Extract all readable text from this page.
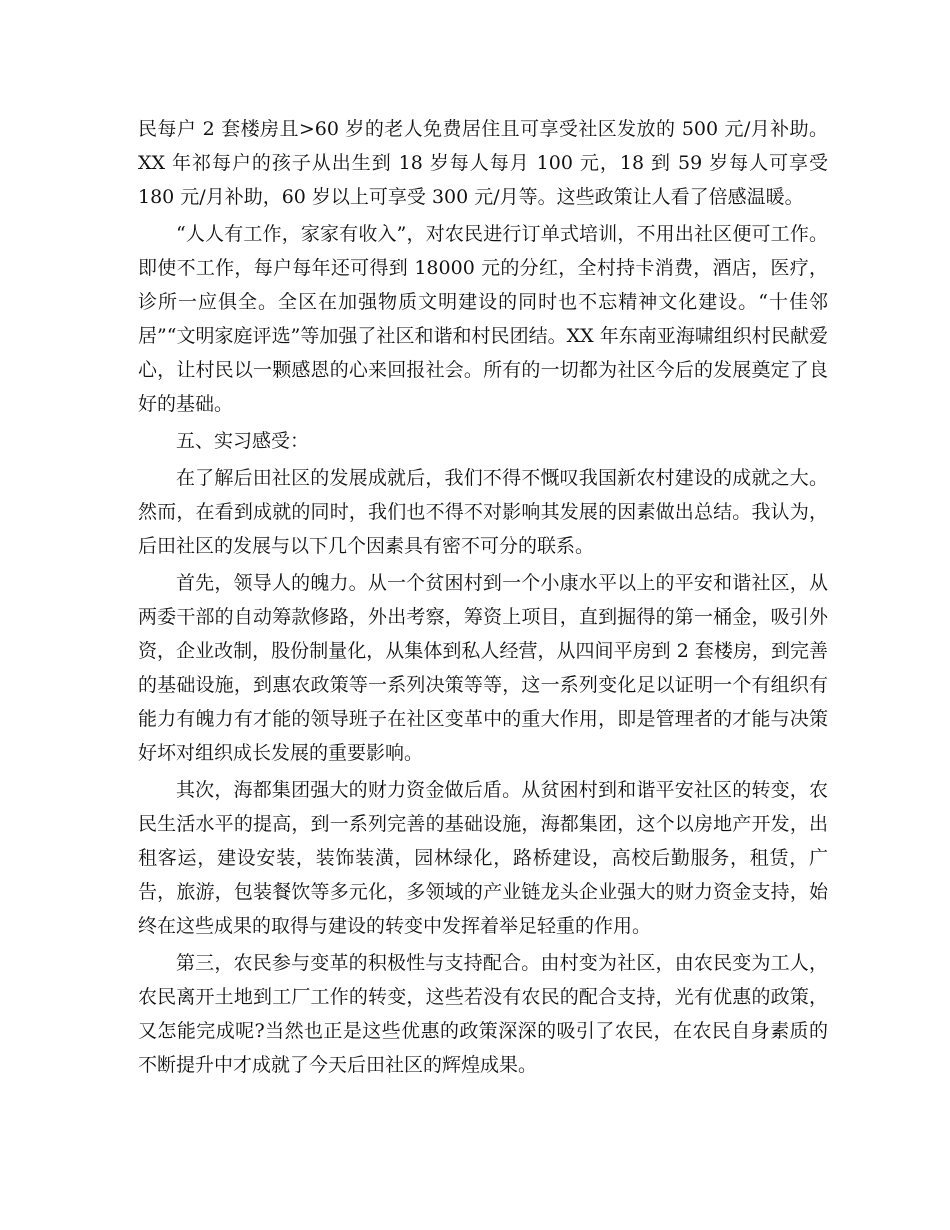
民每户 2 套楼房且>60 岁的老人免费居住且可享受社区发放的 500 元/月补助。XX 年祁每户的孩子从出生到 18 岁每人每月 100 元，18 到 59 岁每人可享受 180 元/月补助，60 岁以上可享受 300 元/月等。这些政策让人看了倍感温暖。

“人人有工作，家家有收入”，对农民进行订单式培训，不用出社区便可工作。即使不工作，每户每年还可得到 18000 元的分红，全村持卡消费，酒店，医疗，诊所一应俱全。全区在加强物质文明建设的同时也不忘精神文化建设。“十佳邻居”“文明家庭评选”等加强了社区和谐和村民团结。XX 年东南亚海啸组织村民献爱心，让村民以一颗感恩的心来回报社会。所有的一切都为社区今后的发展奠定了良好的基础。

五、实习感受：

在了解后田社区的发展成就后，我们不得不慨叹我国新农村建设的成就之大。然而，在看到成就的同时，我们也不得不对影响其发展的因素做出总结。我认为，后田社区的发展与以下几个因素具有密不可分的联系。

首先，领导人的魄力。从一个贫困村到一个小康水平以上的平安和谐社区，从两委干部的自动筹款修路，外出考察，筹资上项目，直到掘得的第一桶金，吸引外资，企业改制，股份制量化，从集体到私人经营，从四间平房到 2 套楼房，到完善的基础设施，到惠农政策等一系列决策等等，这一系列变化足以证明一个有组织有能力有魄力有才能的领导班子在社区变革中的重大作用，即是管理者的才能与决策好坏对组织成长发展的重要影响。

其次，海都集团强大的财力资金做后盾。从贫困村到和谐平安社区的转变，农民生活水平的提高，到一系列完善的基础设施，海都集团，这个以房地产开发，出租客运，建设安装，装饰装潢，园林绿化，路桥建设，高校后勤服务，租赁，广告，旅游，包装餐饮等多元化，多领域的产业链龙头企业强大的财力资金支持，始终在这些成果的取得与建设的转变中发挥着举足轻重的作用。

第三，农民参与变革的积极性与支持配合。由村变为社区，由农民变为工人，农民离开土地到工厂工作的转变，这些若没有农民的配合支持，光有优惠的政策，又怎能完成呢?当然也正是这些优惠的政策深深的吸引了农民，在农民自身素质的不断提升中才成就了今天后田社区的辉煌成果。
